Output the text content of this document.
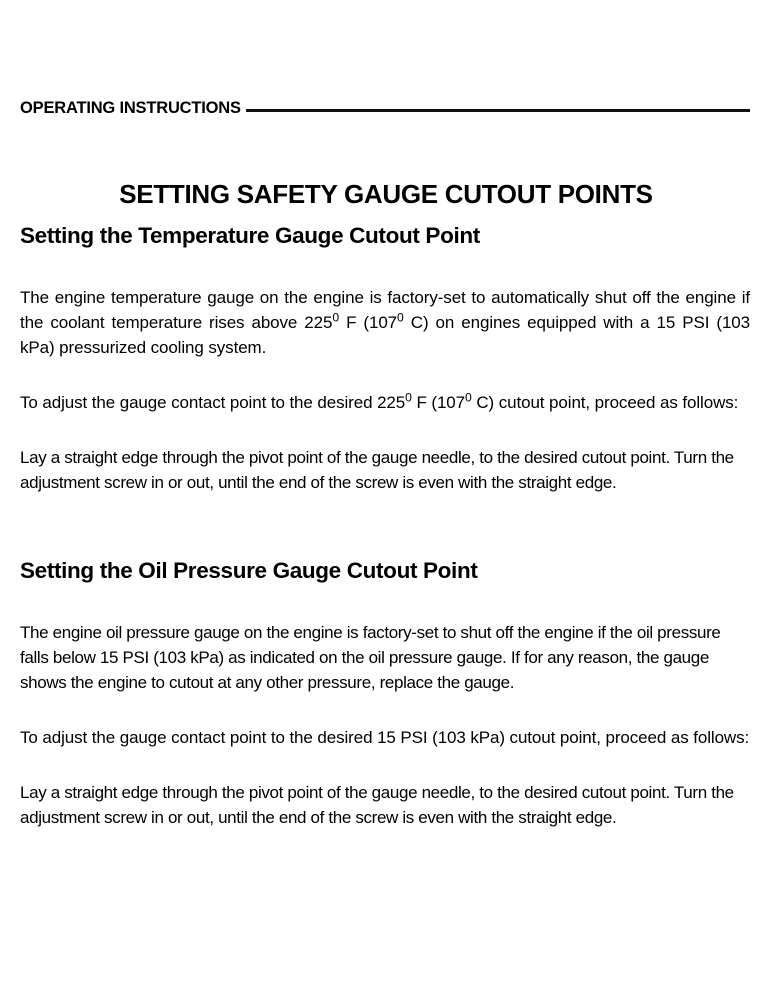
OPERATING INSTRUCTIONS
SETTING SAFETY GAUGE CUTOUT POINTS
Setting the Temperature Gauge Cutout Point

The engine temperature gauge on the engine is factory-set to automatically shut off the engine if the coolant temperature rises above $225^0$ F ($107^0$ C) on engines equipped with a 15 PSI (103 kPa) pressurized cooling system.

To adjust the gauge contact point to the desired $225^0$ F ($107^0$ C) cutout point, proceed as follows:

Lay a straight edge through the pivot point of the gauge needle, to the desired cutout point. Turn the adjustment screw in or out, until the end of the screw is even with the straight edge.

Setting the Oil Pressure Gauge Cutout Point

The engine oil pressure gauge on the engine is factory-set to shut off the engine if the oil pressure falls below 15 PSI (103 kPa) as indicated on the oil pressure gauge. If for any reason, the gauge shows the engine to cutout at any other pressure, replace the gauge.

To adjust the gauge contact point to the desired 15 PSI (103 kPa) cutout point, proceed as follows:

Lay a straight edge through the pivot point of the gauge needle, to the desired cutout point. Turn the adjustment screw in or out, until the end of the screw is even with the straight edge.
